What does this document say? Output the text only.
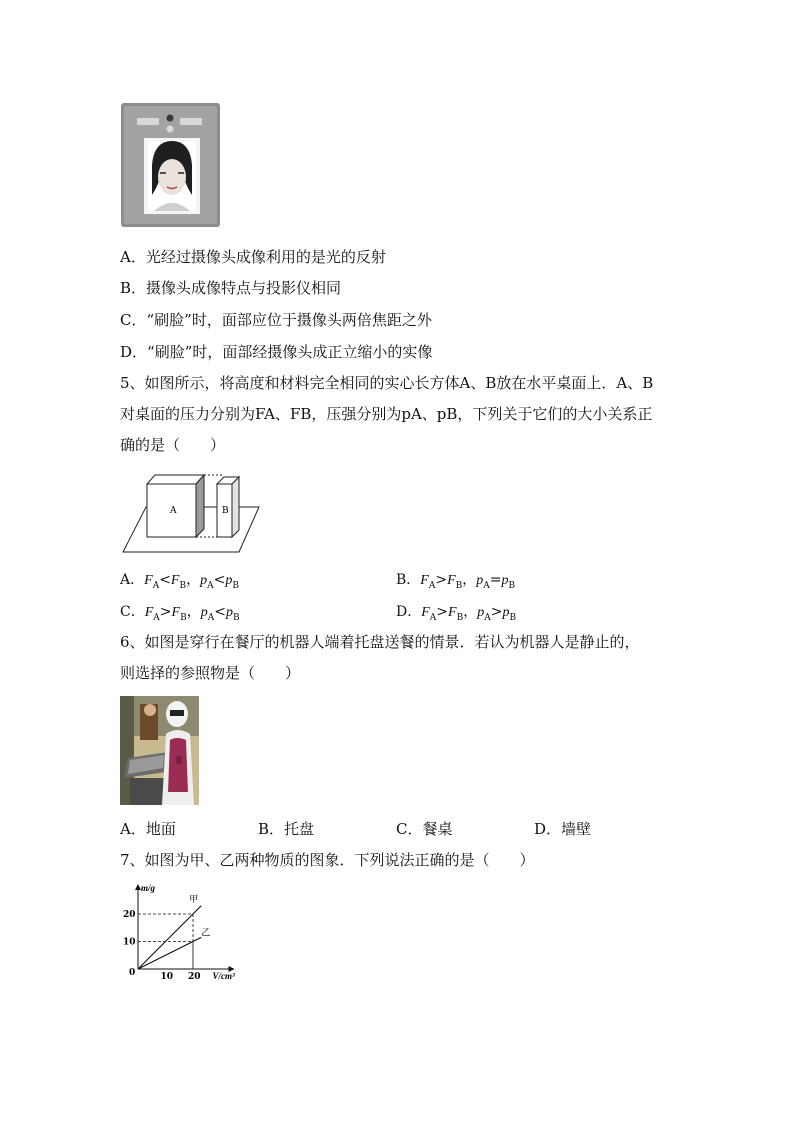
A．光经过摄像头成像利用的是光的反射
B．摄像头成像特点与投影仪相同
C．“刷脸”时，面部应位于摄像头两倍焦距之外
D．“刷脸”时，面部经摄像头成正立缩小的实像
5、如图所示，将高度和材料完全相同的实心长方体A、B放在水平桌面上．A、B
对桌面的压力分别为FA、FB，压强分别为pA、pB，下列关于它们的大小关系正
确的是（　　）
A	B
A．$F_A<F_B$，$p_A<p_B$	B．$F_A>F_B$，$p_A=p_B$
C．$F_A>F_B$，$p_A<p_B$	D．$F_A>F_B$，$p_A>p_B$
6、如图是穿行在餐厅的机器人端着托盘送餐的情景．若认为机器人是静止的，
则选择的参照物是（　　）
A．地面	B．托盘	C．餐桌	D．墙壁
7、如图为甲、乙两种物质的图象．下列说法正确的是（　　）
甲
乙
10 20
10
20
0
m/g
V/cm³
